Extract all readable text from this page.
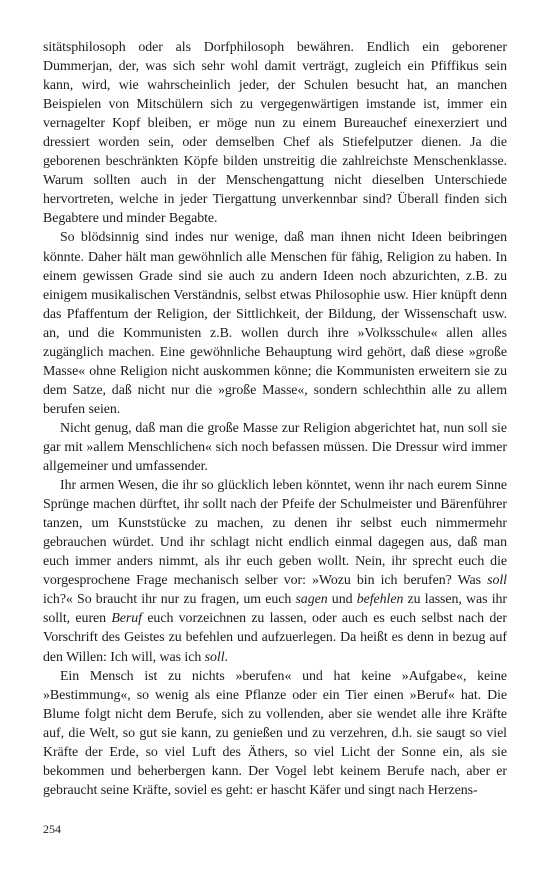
sitätsphilosoph oder als Dorfphilosoph bewähren. Endlich ein geborener Dummerjan, der, was sich sehr wohl damit verträgt, zugleich ein Pfiffikus sein kann, wird, wie wahrscheinlich jeder, der Schulen besucht hat, an manchen Beispielen von Mitschülern sich zu vergegenwärtigen imstande ist, immer ein vernagelter Kopf bleiben, er möge nun zu einem Bureauchef einexerziert und dressiert worden sein, oder demselben Chef als Stiefelputzer dienen. Ja die geborenen beschränkten Köpfe bilden unstreitig die zahlreichste Menschenklasse. Warum sollten auch in der Menschengattung nicht dieselben Unterschiede hervortreten, welche in jeder Tiergattung unverkennbar sind? Überall finden sich Begabtere und minder Begabte.

So blödsinnig sind indes nur wenige, daß man ihnen nicht Ideen beibringen könnte. Daher hält man gewöhnlich alle Menschen für fähig, Religion zu haben. In einem gewissen Grade sind sie auch zu andern Ideen noch abzurichten, z.B. zu einigem musikalischen Verständnis, selbst etwas Philosophie usw. Hier knüpft denn das Pfaffentum der Religion, der Sittlichkeit, der Bildung, der Wissenschaft usw. an, und die Kommunisten z.B. wollen durch ihre »Volksschule« allen alles zugänglich machen. Eine gewöhnliche Behauptung wird gehört, daß diese »große Masse« ohne Religion nicht auskommen könne; die Kommunisten erweitern sie zu dem Satze, daß nicht nur die »große Masse«, sondern schlechthin alle zu allem berufen seien.

Nicht genug, daß man die große Masse zur Religion abgerichtet hat, nun soll sie gar mit »allem Menschlichen« sich noch befassen müssen. Die Dressur wird immer allgemeiner und umfassender.

Ihr armen Wesen, die ihr so glücklich leben könntet, wenn ihr nach eurem Sinne Sprünge machen dürftet, ihr sollt nach der Pfeife der Schulmeister und Bärenführer tanzen, um Kunststücke zu machen, zu denen ihr selbst euch nimmermehr gebrauchen würdet. Und ihr schlagt nicht endlich einmal dagegen aus, daß man euch immer anders nimmt, als ihr euch geben wollt. Nein, ihr sprecht euch die vorgesprochene Frage mechanisch selber vor: »Wozu bin ich berufen? Was soll ich?« So braucht ihr nur zu fragen, um euch sagen und befehlen zu lassen, was ihr sollt, euren Beruf euch vorzeichnen zu lassen, oder auch es euch selbst nach der Vorschrift des Geistes zu befehlen und aufzuerlegen. Da heißt es denn in bezug auf den Willen: Ich will, was ich soll.

Ein Mensch ist zu nichts »berufen« und hat keine »Aufgabe«, keine »Bestimmung«, so wenig als eine Pflanze oder ein Tier einen »Beruf« hat. Die Blume folgt nicht dem Berufe, sich zu vollenden, aber sie wendet alle ihre Kräfte auf, die Welt, so gut sie kann, zu genießen und zu verzehren, d.h. sie saugt so viel Kräfte der Erde, so viel Luft des Äthers, so viel Licht der Sonne ein, als sie bekommen und beherbergen kann. Der Vogel lebt keinem Berufe nach, aber er gebraucht seine Kräfte, soviel es geht: er hascht Käfer und singt nach Herzens-

254
